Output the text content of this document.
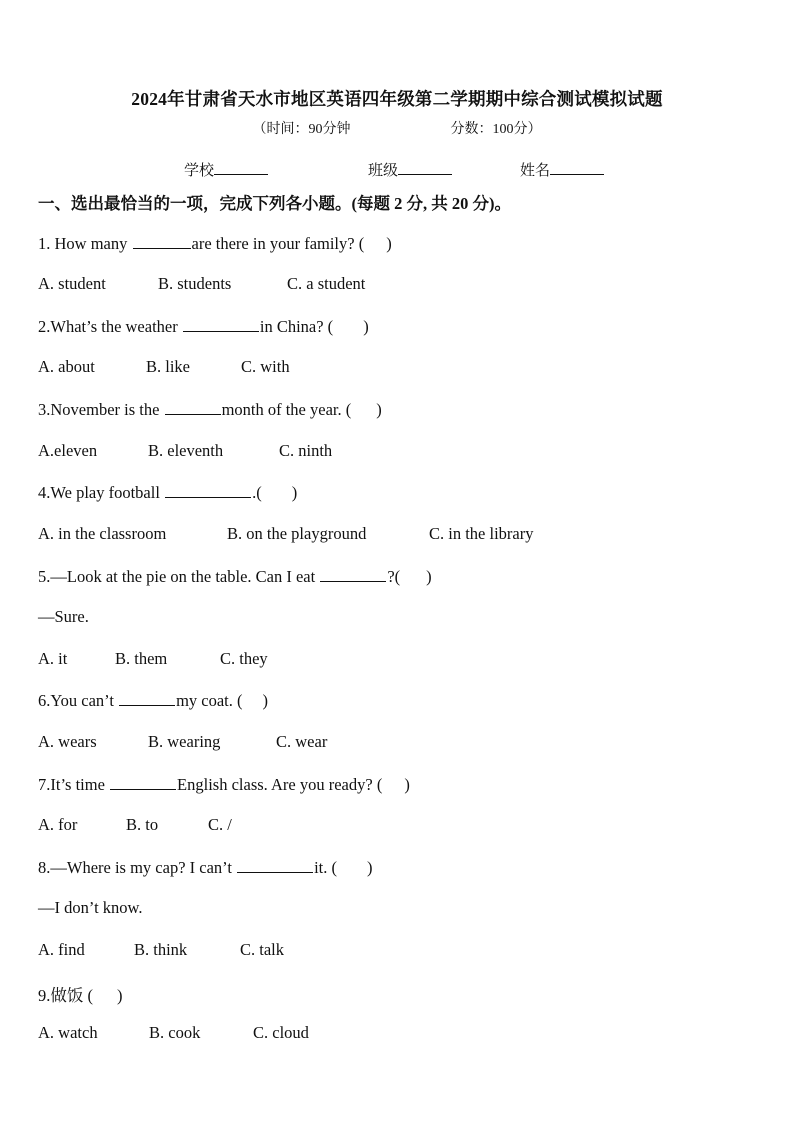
2024年甘肃省天水市地区英语四年级第二学期期中综合测试模拟试题
（时间：90分钟	分数：100分）
学校	班级	姓名
一、选出最恰当的一项，完成下列各小题。(每题 2 分, 共 20 分)。
1. How many	are there in your family? ( )
A. student	B. students	C. a student
2.What’s the weather	in China? ( )
A. about	B. like	C. with
3.November is the	month of the year. ( )
A.eleven	B. eleventh	C. ninth
4.We play football	.( )
A. in the classroom	B. on the playground	C. in the library
5.—Look at the pie on the table. Can I eat	?( )
—Sure.
A. it	B. them	C. they
6.You can’t	my coat. ( )
A. wears	B. wearing	C. wear
7.It’s time	English class. Are you ready? ( )
A. for	B. to	C. /
8.—Where is my cap? I can’t	it. ( )
—I don’t know.
A. find	B. think	C. talk
9.做饭 ( )
A. watch	B. cook	C. cloud
